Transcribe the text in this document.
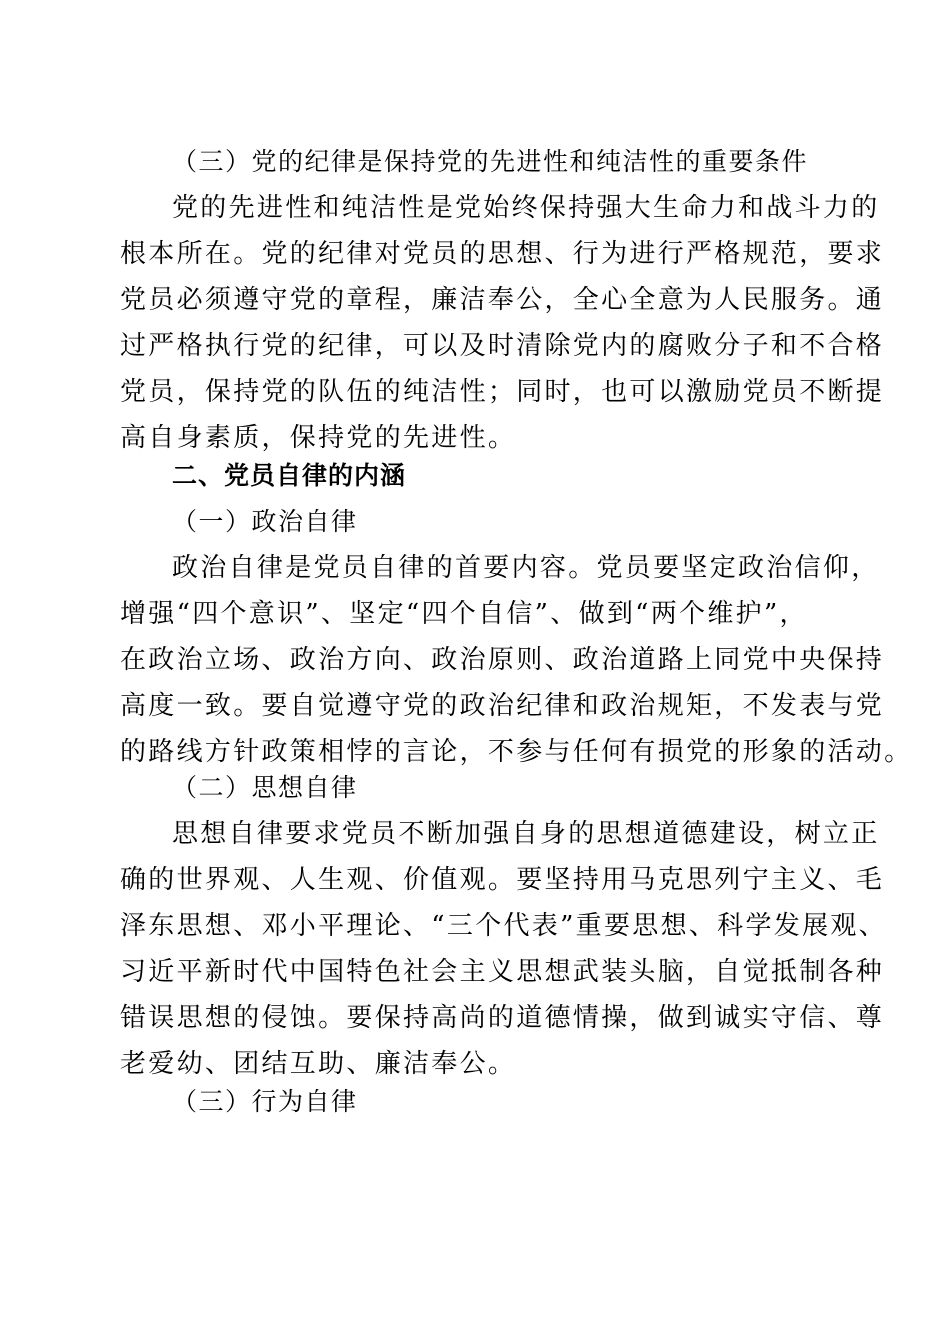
（三）党的纪律是保持党的先进性和纯洁性的重要条件
党的先进性和纯洁性是党始终保持强大生命力和战斗力的
根本所在。党的纪律对党员的思想、行为进行严格规范，要求
党员必须遵守党的章程，廉洁奉公，全心全意为人民服务。通
过严格执行党的纪律，可以及时清除党内的腐败分子和不合格
党员，保持党的队伍的纯洁性；同时，也可以激励党员不断提
高自身素质，保持党的先进性。
二、党员自律的内涵
（一）政治自律
政治自律是党员自律的首要内容。党员要坚定政治信仰，
增强“四个意识”、坚定“四个自信”、做到“两个维护”，
在政治立场、政治方向、政治原则、政治道路上同党中央保持
高度一致。要自觉遵守党的政治纪律和政治规矩，不发表与党
的路线方针政策相悖的言论，不参与任何有损党的形象的活动。
（二）思想自律
思想自律要求党员不断加强自身的思想道德建设，树立正
确的世界观、人生观、价值观。要坚持用马克思列宁主义、毛
泽东思想、邓小平理论、“三个代表”重要思想、科学发展观、
习近平新时代中国特色社会主义思想武装头脑，自觉抵制各种
错误思想的侵蚀。要保持高尚的道德情操，做到诚实守信、尊
老爱幼、团结互助、廉洁奉公。
（三）行为自律
